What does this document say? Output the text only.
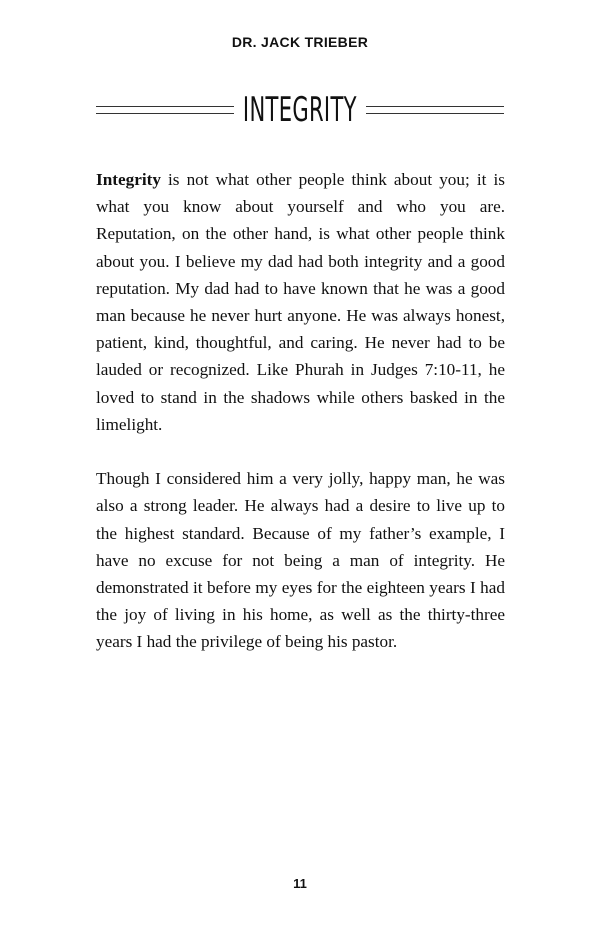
DR. JACK TRIEBER
INTEGRITY

Integrity is not what other people think about you; it is what you know about yourself and who you are. Reputation, on the other hand, is what other people think about you. I believe my dad had both integrity and a good reputation. My dad had to have known that he was a good man because he never hurt anyone. He was always honest, patient, kind, thoughtful, and caring. He never had to be lauded or recognized. Like Phurah in Judges 7:10-11, he loved to stand in the shadows while others basked in the limelight.

Though I considered him a very jolly, happy man, he was also a strong leader. He always had a desire to live up to the highest standard. Because of my father’s example, I have no excuse for not being a man of integrity. He demonstrated it before my eyes for the eighteen years I had the joy of living in his home, as well as the thirty-three years I had the privilege of being his pastor.

11
